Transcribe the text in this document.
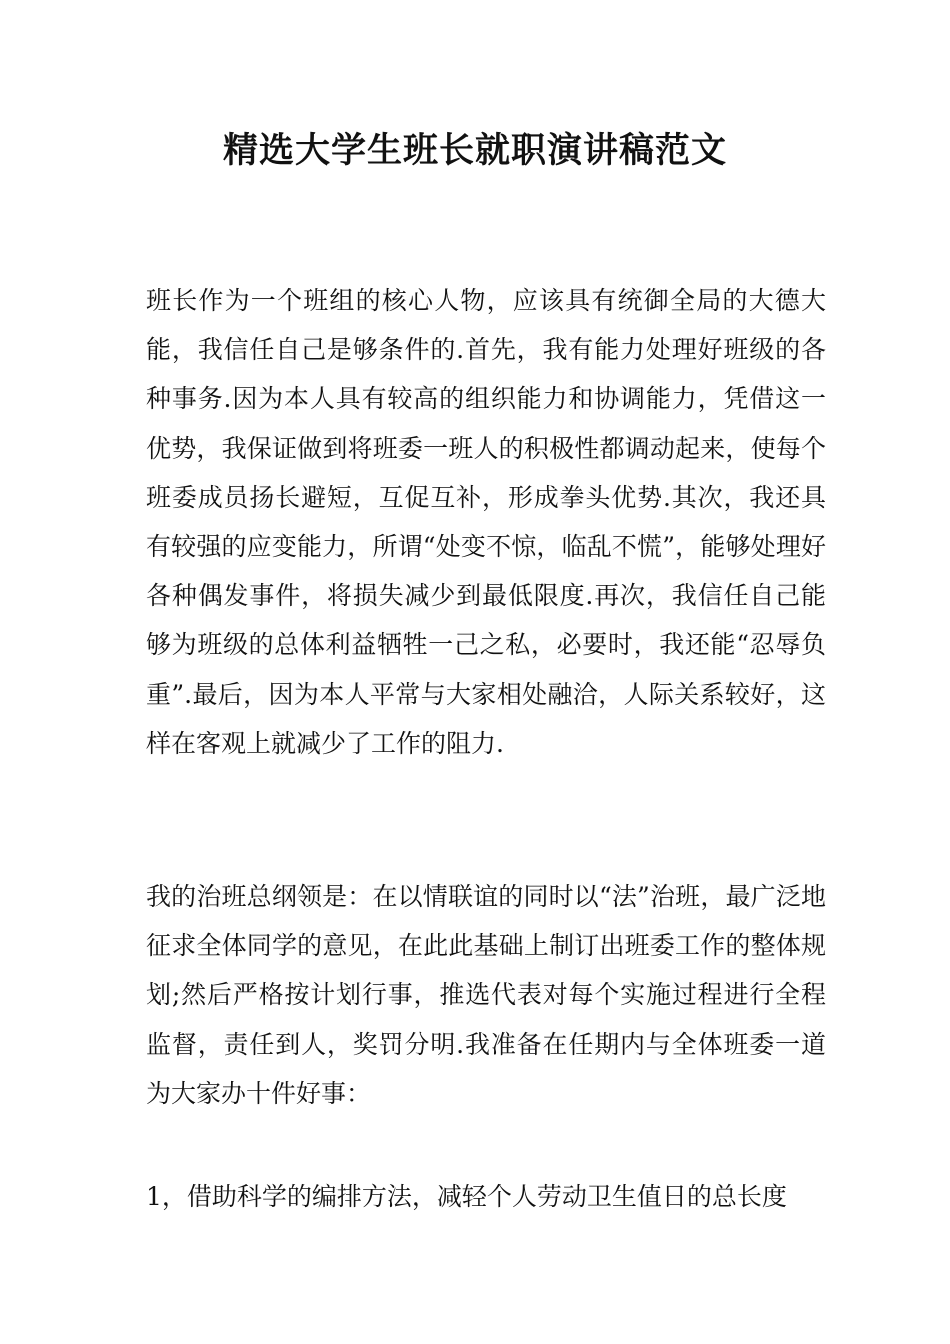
精选大学生班长就职演讲稿范文

班长作为一个班组的核心人物，应该具有统御全局的大德大能，我信任自己是够条件的.首先，我有能力处理好班级的各种事务.因为本人具有较高的组织能力和协调能力，凭借这一优势，我保证做到将班委一班人的积极性都调动起来，使每个班委成员扬长避短，互促互补，形成拳头优势.其次，我还具有较强的应变能力，所谓“处变不惊，临乱不慌”，能够处理好各种偶发事件，将损失减少到最低限度.再次，我信任自己能够为班级的总体利益牺牲一己之私，必要时，我还能“忍辱负重”.最后，因为本人平常与大家相处融洽，人际关系较好，这样在客观上就减少了工作的阻力.

我的治班总纲领是：在以情联谊的同时以“法”治班，最广泛地征求全体同学的意见，在此此基础上制订出班委工作的整体规划;然后严格按计划行事，推选代表对每个实施过程进行全程监督，责任到人，奖罚分明.我准备在任期内与全体班委一道为大家办十件好事：

1，借助科学的编排方法，减轻个人劳动卫生值日的总长度
